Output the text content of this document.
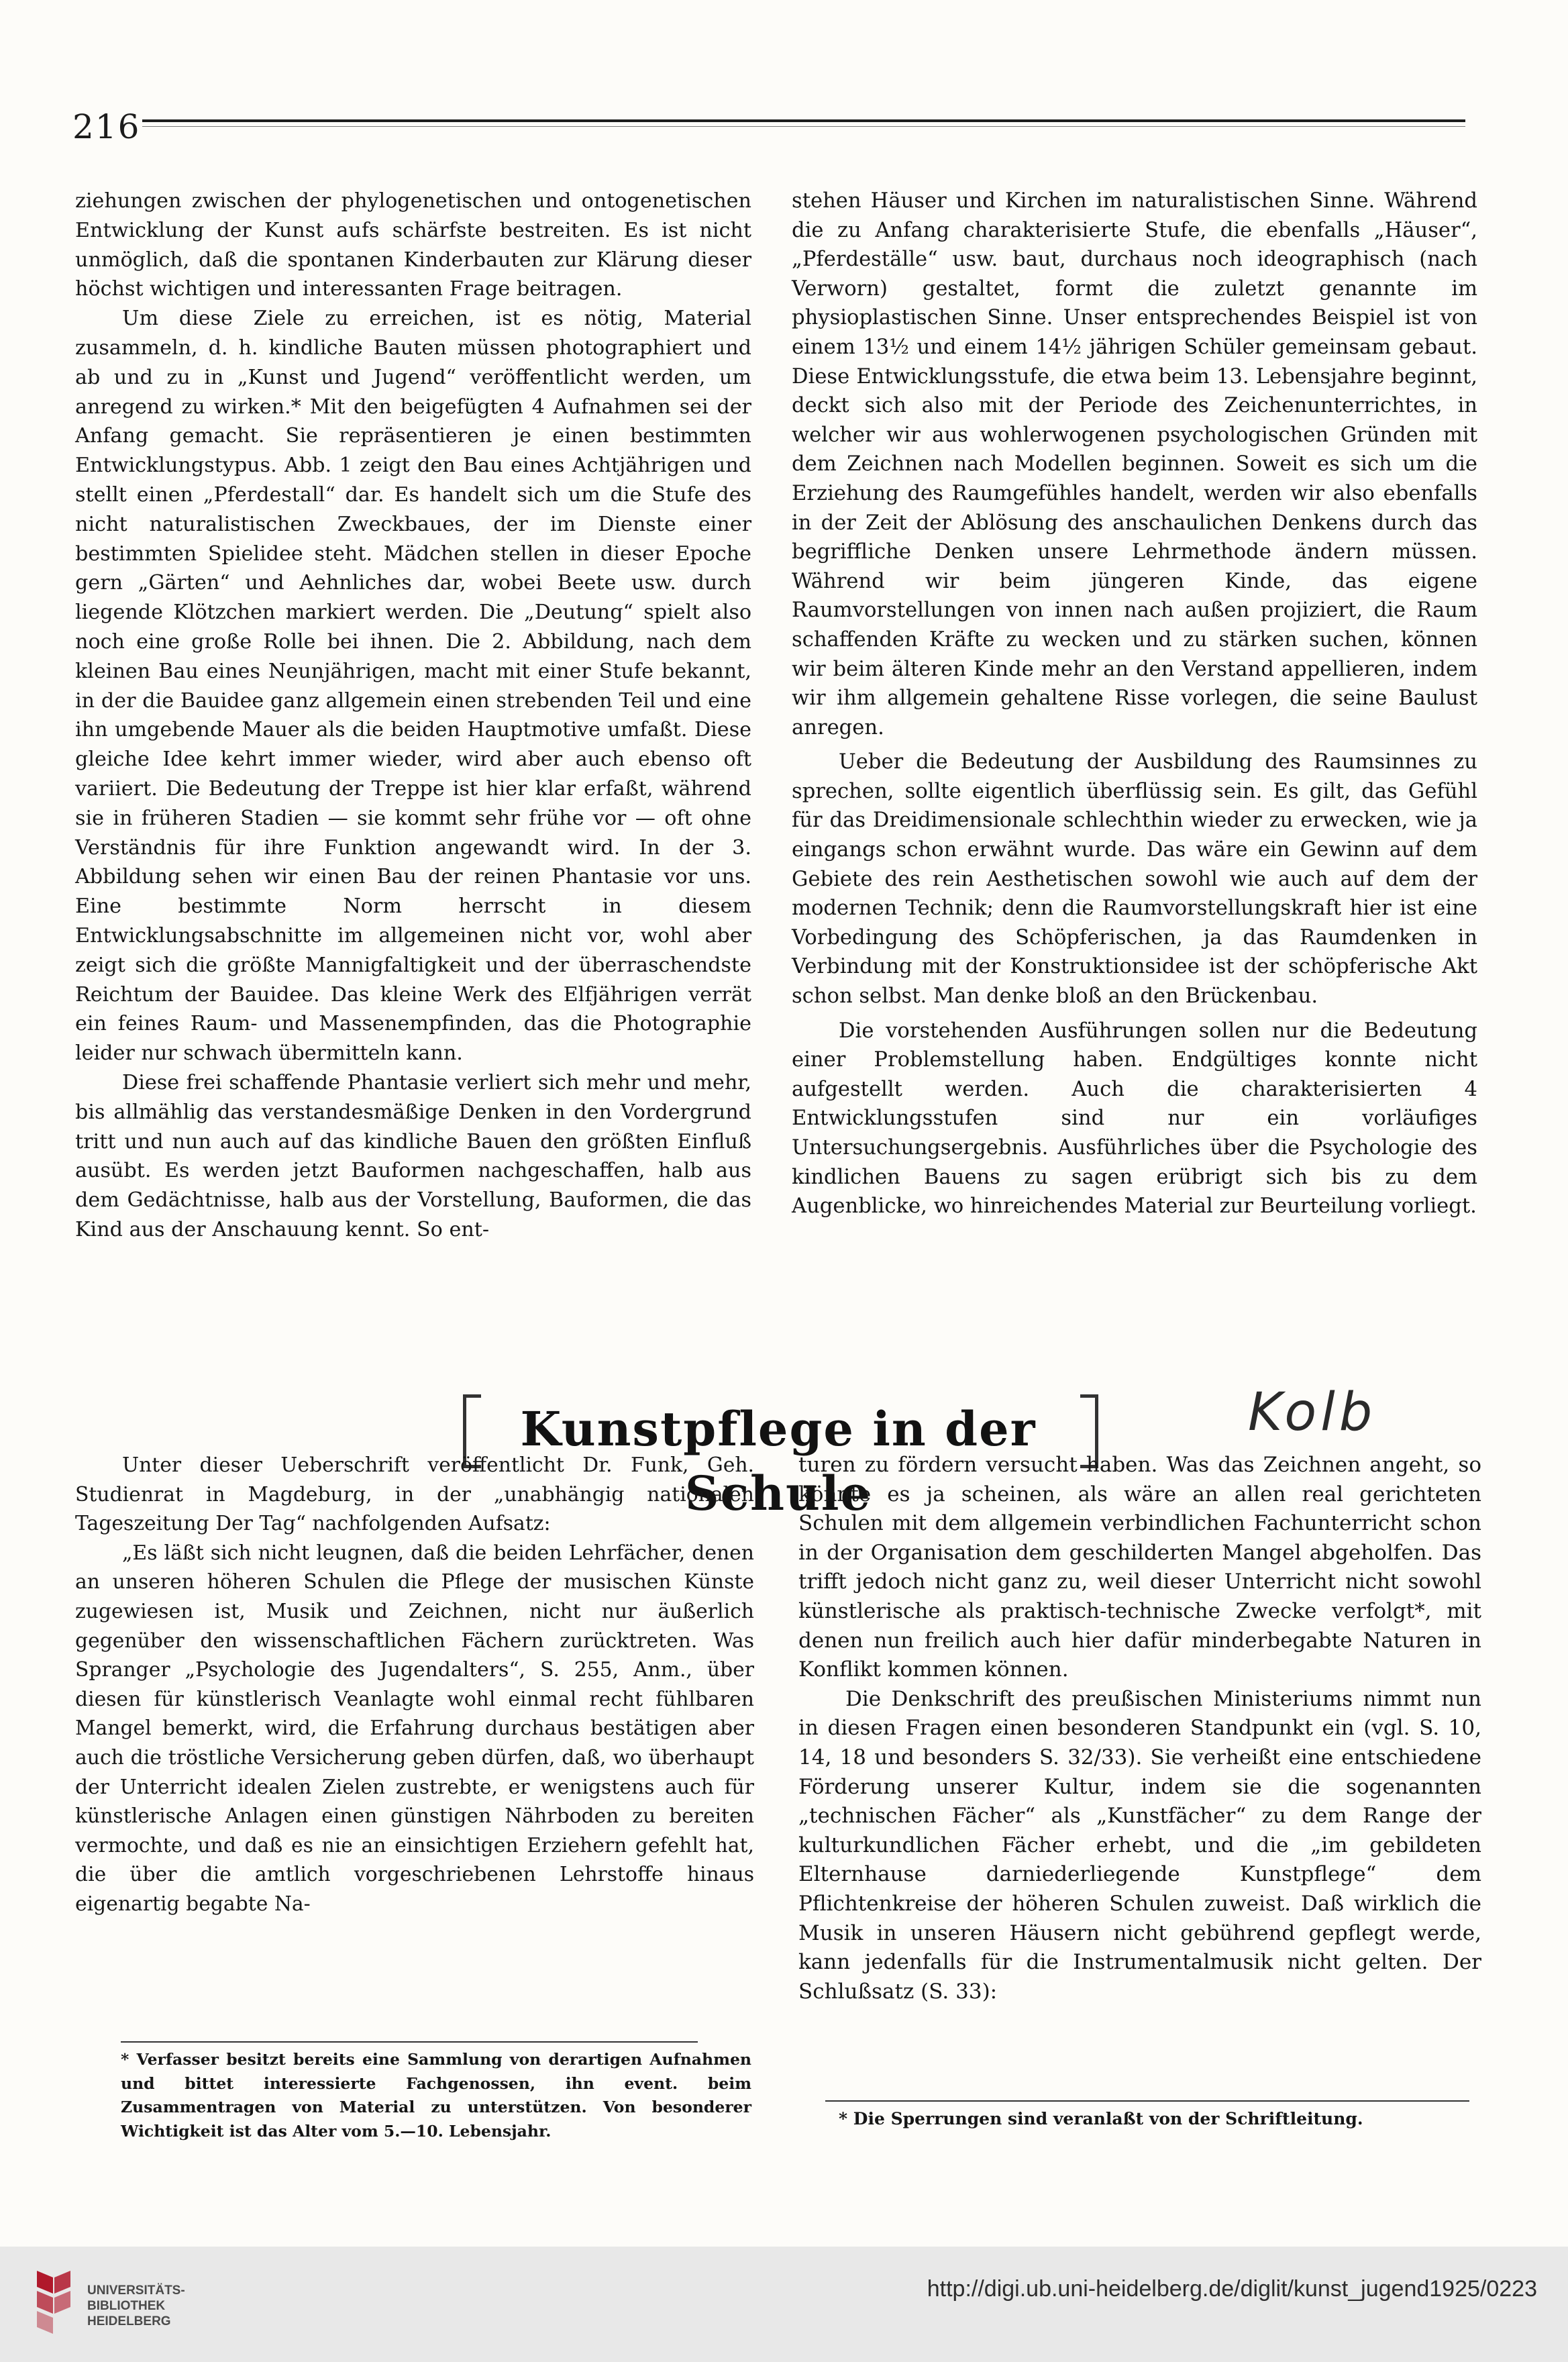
216

ziehungen zwischen der phylogenetischen und ontogenetischen Entwicklung der Kunst aufs schärfste bestreiten. Es ist nicht unmöglich, daß die spontanen Kinderbauten zur Klärung dieser höchst wichtigen und interessanten Frage beitragen.

Um diese Ziele zu erreichen, ist es nötig, Material zusammeln, d. h. kindliche Bauten müssen photographiert und ab und zu in „Kunst und Jugend“ veröffentlicht werden, um anregend zu wirken.* Mit den beigefügten 4 Aufnahmen sei der Anfang gemacht. Sie repräsentieren je einen bestimmten Entwicklungstypus. Abb. 1 zeigt den Bau eines Achtjährigen und stellt einen „Pferdestall“ dar. Es handelt sich um die Stufe des nicht naturalistischen Zweckbaues, der im Dienste einer bestimmten Spielidee steht. Mädchen stellen in dieser Epoche gern „Gärten“ und Aehnliches dar, wobei Beete usw. durch liegende Klötzchen markiert werden. Die „Deutung“ spielt also noch eine große Rolle bei ihnen. Die 2. Abbildung, nach dem kleinen Bau eines Neunjährigen, macht mit einer Stufe bekannt, in der die Bauidee ganz allgemein einen strebenden Teil und eine ihn umgebende Mauer als die beiden Hauptmotive umfaßt. Diese gleiche Idee kehrt immer wieder, wird aber auch ebenso oft variiert. Die Bedeutung der Treppe ist hier klar erfaßt, während sie in früheren Stadien — sie kommt sehr frühe vor — oft ohne Verständnis für ihre Funktion angewandt wird. In der 3. Abbildung sehen wir einen Bau der reinen Phantasie vor uns. Eine bestimmte Norm herrscht in diesem Entwicklungsabschnitte im allgemeinen nicht vor, wohl aber zeigt sich die größte Mannigfaltigkeit und der überraschendste Reichtum der Bauidee. Das kleine Werk des Elfjährigen verrät ein feines Raum- und Massenempfinden, das die Photographie leider nur schwach übermitteln kann.

Diese frei schaffende Phantasie verliert sich mehr und mehr, bis allmählig das verstandesmäßige Denken in den Vordergrund tritt und nun auch auf das kindliche Bauen den größten Einfluß ausübt. Es werden jetzt Bauformen nachgeschaffen, halb aus dem Gedächtnisse, halb aus der Vorstellung, Bauformen, die das Kind aus der Anschauung kennt. So ent-

stehen Häuser und Kirchen im naturalistischen Sinne. Während die zu Anfang charakterisierte Stufe, die ebenfalls „Häuser“, „Pferdeställe“ usw. baut, durchaus noch ideographisch (nach Verworn) gestaltet, formt die zuletzt genannte im physioplastischen Sinne. Unser entsprechendes Beispiel ist von einem 13½ und einem 14½ jährigen Schüler gemeinsam gebaut. Diese Entwicklungsstufe, die etwa beim 13. Lebensjahre beginnt, deckt sich also mit der Periode des Zeichenunterrichtes, in welcher wir aus wohlerwogenen psychologischen Gründen mit dem Zeichnen nach Modellen beginnen. Soweit es sich um die Erziehung des Raumgefühles handelt, werden wir also ebenfalls in der Zeit der Ablösung des anschaulichen Denkens durch das begriffliche Denken unsere Lehrmethode ändern müssen. Während wir beim jüngeren Kinde, das eigene Raumvorstellungen von innen nach außen projiziert, die Raum schaffenden Kräfte zu wecken und zu stärken suchen, können wir beim älteren Kinde mehr an den Verstand appellieren, indem wir ihm allgemein gehaltene Risse vorlegen, die seine Baulust anregen.

Ueber die Bedeutung der Ausbildung des Raumsinnes zu sprechen, sollte eigentlich überflüssig sein. Es gilt, das Gefühl für das Dreidimensionale schlechthin wieder zu erwecken, wie ja eingangs schon erwähnt wurde. Das wäre ein Gewinn auf dem Gebiete des rein Aesthetischen sowohl wie auch auf dem der modernen Technik; denn die Raumvorstellungskraft hier ist eine Vorbedingung des Schöpferischen, ja das Raumdenken in Verbindung mit der Konstruktionsidee ist der schöpferische Akt schon selbst. Man denke bloß an den Brückenbau.

Die vorstehenden Ausführungen sollen nur die Bedeutung einer Problemstellung haben. Endgültiges konnte nicht aufgestellt werden. Auch die charakterisierten 4 Entwicklungsstufen sind nur ein vorläufiges Untersuchungsergebnis. Ausführliches über die Psychologie des kindlichen Bauens zu sagen erübrigt sich bis zu dem Augenblicke, wo hinreichendes Material zur Beurteilung vorliegt.

Kunstpflege in der Schule
Kolb

Unter dieser Ueberschrift veröffentlicht Dr. Funk, Geh. Studienrat in Magdeburg, in der „unabhängig nationalen Tageszeitung Der Tag“ nachfolgenden Aufsatz:

„Es läßt sich nicht leugnen, daß die beiden Lehrfächer, denen an unseren höheren Schulen die Pflege der musischen Künste zugewiesen ist, Musik und Zeichnen, nicht nur äußerlich gegenüber den wissenschaftlichen Fächern zurücktreten. Was Spranger „Psychologie des Jugendalters“, S. 255, Anm., über diesen für künstlerisch Veanlagte wohl einmal recht fühlbaren Mangel bemerkt, wird, die Erfahrung durchaus bestätigen aber auch die tröstliche Versicherung geben dürfen, daß, wo überhaupt der Unterricht idealen Zielen zustrebte, er wenigstens auch für künstlerische Anlagen einen günstigen Nährboden zu bereiten vermochte, und daß es nie an einsichtigen Erziehern gefehlt hat, die über die amtlich vorgeschriebenen Lehrstoffe hinaus eigenartig begabte Na-

turen zu fördern versucht haben. Was das Zeichnen angeht, so könnte es ja scheinen, als wäre an allen real gerichteten Schulen mit dem allgemein verbindlichen Fachunterricht schon in der Organisation dem geschilderten Mangel abgeholfen. Das trifft jedoch nicht ganz zu, weil dieser Unterricht nicht sowohl künstlerische als praktisch-technische Zwecke verfolgt*, mit denen nun freilich auch hier dafür minderbegabte Naturen in Konflikt kommen können.

Die Denkschrift des preußischen Ministeriums nimmt nun in diesen Fragen einen besonderen Standpunkt ein (vgl. S. 10, 14, 18 und besonders S. 32/33). Sie verheißt eine entschiedene Förderung unserer Kultur, indem sie die sogenannten „technischen Fächer“ als „Kunstfächer“ zu dem Range der kulturkundlichen Fächer erhebt, und die „im gebildeten Elternhause darniederliegende Kunstpflege“ dem Pflichtenkreise der höheren Schulen zuweist. Daß wirklich die Musik in unseren Häusern nicht gebührend gepflegt werde, kann jedenfalls für die Instrumentalmusik nicht gelten. Der Schlußsatz (S. 33):

* Verfasser besitzt bereits eine Sammlung von derartigen Aufnahmen und bittet interessierte Fachgenossen, ihn event. beim Zusammentragen von Material zu unterstützen. Von besonderer Wichtigkeit ist das Alter vom 5.—10. Lebensjahr.
* Die Sperrungen sind veranlaßt von der Schriftleitung.
UNIVERSITÄTS-
BIBLIOTHEK
HEIDELBERG
http://digi.ub.uni-heidelberg.de/diglit/kunst_jugend1925/0223
